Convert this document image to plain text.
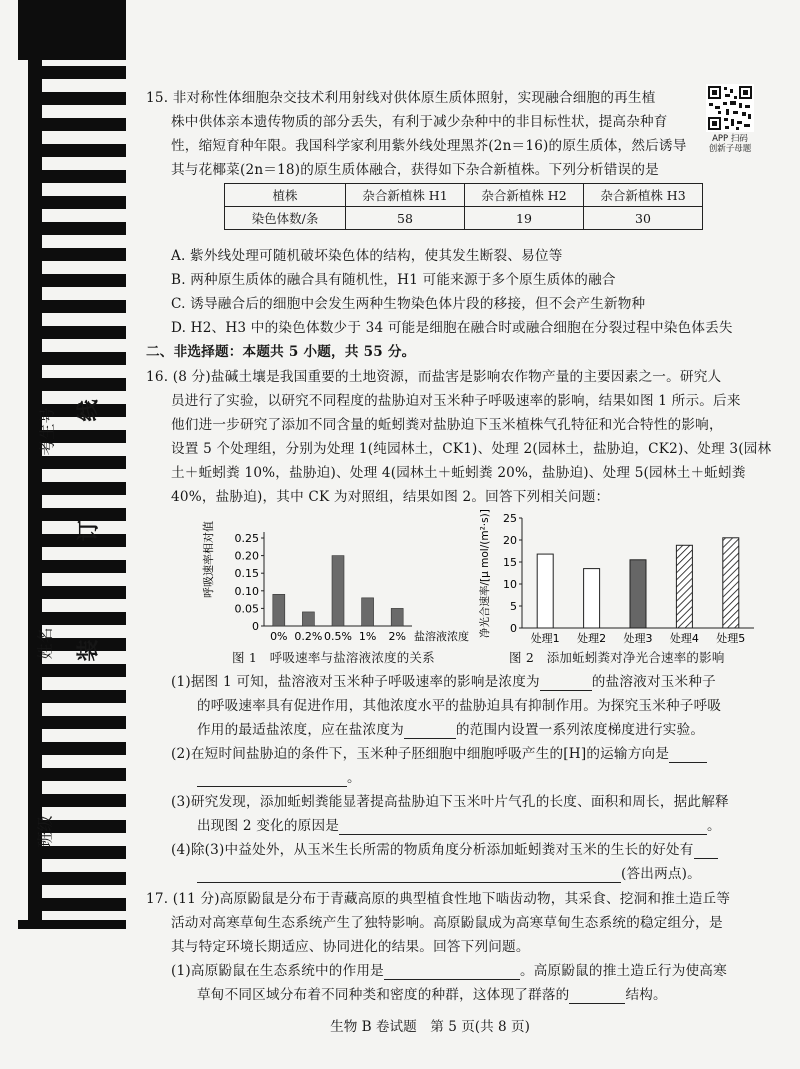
考生号 线
订
装
姓名
班级
APP 扫码
创新子母题
15. 非对称性体细胞杂交技术利用射线对供体原生质体照射，实现融合细胞的再生植
株中供体亲本遗传物质的部分丢失，有利于减少杂种中的非目标性状，提高杂种育
性，缩短育种年限。我国科学家利用紫外线处理黑芥(2n＝16)的原生质体，然后诱导
其与花椰菜(2n＝18)的原生质体融合，获得如下杂合新植株。下列分析错误的是
植株	杂合新植株 H1	杂合新植株 H2	杂合新植株 H3
染色体数/条	58	19	30
A. 紫外线处理可随机破坏染色体的结构，使其发生断裂、易位等
B. 两种原生质体的融合具有随机性，H1 可能来源于多个原生质体的融合
C. 诱导融合后的细胞中会发生两种生物染色体片段的移接，但不会产生新物种
D. H2、H3 中的染色体数少于 34 可能是细胞在融合时或融合细胞在分裂过程中染色体丢失
二、非选择题：本题共 5 小题，共 55 分。
16. (8 分)盐碱土壤是我国重要的土地资源，而盐害是影响农作物产量的主要因素之一。研究人
员进行了实验，以研究不同程度的盐胁迫对玉米种子呼吸速率的影响，结果如图 1 所示。后来
他们进一步研究了添加不同含量的蚯蚓粪对盐胁迫下玉米植株气孔特征和光合特性的影响，
设置 5 个处理组，分别为处理 1(纯园林土，CK1)、处理 2(园林土，盐胁迫，CK2)、处理 3(园林
土＋蚯蚓粪 10%，盐胁迫)、处理 4(园林土＋蚯蚓粪 20%，盐胁迫)、处理 5(园林土＋蚯蚓粪
40%，盐胁迫)，其中 CK 为对照组，结果如图 2。回答下列相关问题：
呼吸速率相对值
0
0.05
0.10
0.15
0.20
0.25
0% 0.2% 0.5% 1% 2% 盐溶液浓度 净光合速率/[μ mol/(m²·s)] 0
5
10
15
20
25
处理1 处理2 处理3 处理4 处理5
图 1　呼吸速率与盐溶液浓度的关系	图 2　添加蚯蚓粪对净光合速率的影响
(1)据图 1 可知，盐溶液对玉米种子呼吸速率的影响是浓度为	的盐溶液对玉米种子
的呼吸速率具有促进作用，其他浓度水平的盐胁迫具有抑制作用。为探究玉米种子呼吸
作用的最适盐浓度，应在盐浓度为	的范围内设置一系列浓度梯度进行实验。
(2)在短时间盐胁迫的条件下，玉米种子胚细胞中细胞呼吸产生的[H]的运输方向是
。
(3)研究发现，添加蚯蚓粪能显著提高盐胁迫下玉米叶片气孔的长度、面积和周长，据此解释
出现图 2 变化的原因是	。
(4)除(3)中益处外，从玉米生长所需的物质角度分析添加蚯蚓粪对玉米的生长的好处有
(答出两点)。
17. (11 分)高原鼢鼠是分布于青藏高原的典型植食性地下啮齿动物，其采食、挖洞和推土造丘等
活动对高寒草甸生态系统产生了独特影响。高原鼢鼠成为高寒草甸生态系统的稳定组分，是
其与特定环境长期适应、协同进化的结果。回答下列问题。
(1)高原鼢鼠在生态系统中的作用是	。高原鼢鼠的推土造丘行为使高寒
草甸不同区域分布着不同种类和密度的种群，这体现了群落的	结构。
生物 B 卷试题　第 5 页(共 8 页)
